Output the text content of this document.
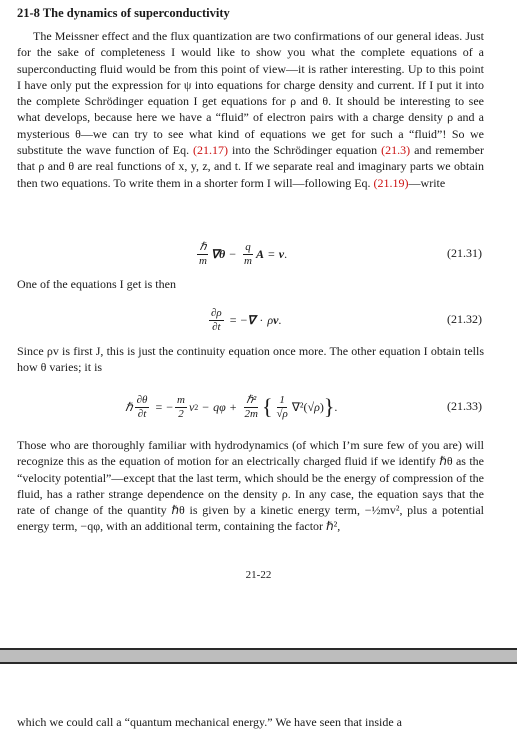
21-8 The dynamics of superconductivity

The Meissner effect and the flux quantization are two confirmations of our general ideas. Just for the sake of completeness I would like to show you what the complete equations of a superconducting fluid would be from this point of view—it is rather interesting. Up to this point I have only put the expression for ψ into equations for charge density and current. If I put it into the complete Schrödinger equation I get equations for ρ and θ. It should be interesting to see what develops, because here we have a “fluid” of electron pairs with a charge density ρ and a mysterious θ—we can try to see what kind of equations we get for such a “fluid”! So we substitute the wave function of Eq. (21.17) into the Schrödinger equation (21.3) and remember that ρ and θ are real functions of x, y, z, and t. If we separate real and imaginary parts we obtain then two equations. To write them in a shorter form I will—following Eq. (21.19)—write

$\frac{\text{ℏ}}{m} \nabla\theta - \frac{q}{m}$ A = v .	(21.31)

One of the equations I get is then

$\frac{\partial\rho}{\partial t}$ = − ∇ · ρ v .	(21.32)

Since ρv is first J, this is just the continuity equation once more. The other equation I obtain tells how θ varies; it is

ℏ $\frac{\partial\theta}{\partial t}$ = − $\frac{m}{2}$ v $2 - q\varphi + \frac{\text{ℏ²}}{2m}$ { $\frac{1}{√\rho} \nabla^2(√$ ρ ) } .	(21.33)

Those who are thoroughly familiar with hydrodynamics (of which I’m sure few of you are) will recognize this as the equation of motion for an electrically charged fluid if we identify ℏθ as the “velocity potential”—except that the last term, which should be the energy of compression of the fluid, has a rather strange dependence on the density ρ. In any case, the equation says that the rate of change of the quantity ℏθ is given by a kinetic energy term, −½mv², plus a potential energy term, −qφ, with an additional term, containing the factor ℏ²,

21-22

which we could call a “quantum mechanical energy.” We have seen that inside a
